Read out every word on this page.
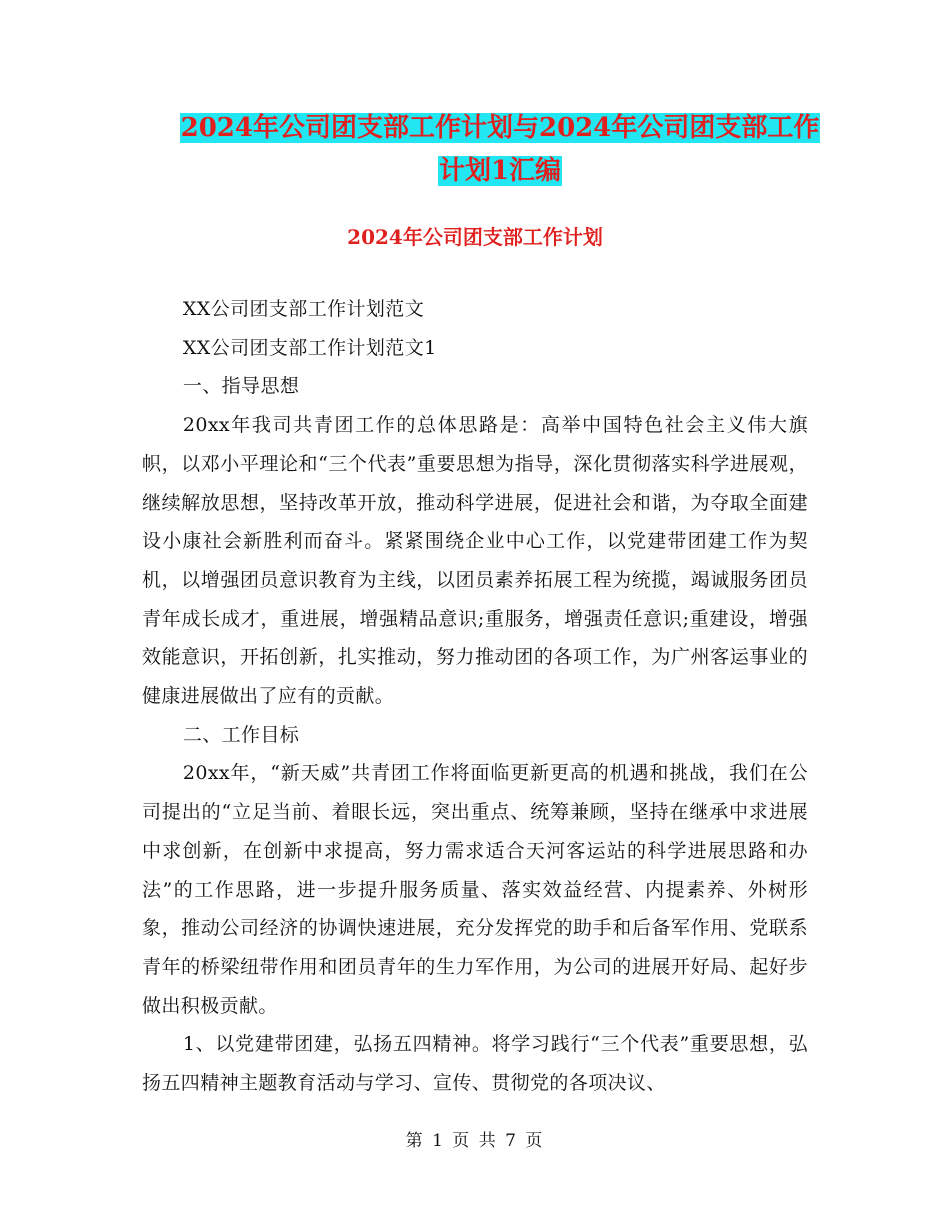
2024年公司团支部工作计划与2024年公司团支部工作
计划1汇编
2024年公司团支部工作计划

XX公司团支部工作计划范文

XX公司团支部工作计划范文1

一、指导思想

20xx年我司共青团工作的总体思路是：高举中国特色社会主义伟大旗帜，以邓小平理论和“三个代表”重要思想为指导，深化贯彻落实科学进展观，继续解放思想，坚持改革开放，推动科学进展，促进社会和谐，为夺取全面建设小康社会新胜利而奋斗。紧紧围绕企业中心工作，以党建带团建工作为契机，以增强团员意识教育为主线，以团员素养拓展工程为统揽，竭诚服务团员青年成长成才，重进展，增强精品意识;重服务，增强责任意识;重建设，增强效能意识，开拓创新，扎实推动，努力推动团的各项工作，为广州客运事业的健康进展做出了应有的贡献。

二、工作目标

20xx年，“新天威”共青团工作将面临更新更高的机遇和挑战，我们在公司提出的“立足当前、着眼长远，突出重点、统筹兼顾，坚持在继承中求进展中求创新，在创新中求提高，努力需求适合天河客运站的科学进展思路和办法”的工作思路，进一步提升服务质量、落实效益经营、内提素养、外树形象，推动公司经济的协调快速进展，充分发挥党的助手和后备军作用、党联系青年的桥梁纽带作用和团员青年的生力军作用，为公司的进展开好局、起好步做出积极贡献。

1、以党建带团建，弘扬五四精神。将学习践行“三个代表”重要思想，弘扬五四精神主题教育活动与学习、宣传、贯彻党的各项决议、

第 1 页 共 7 页
